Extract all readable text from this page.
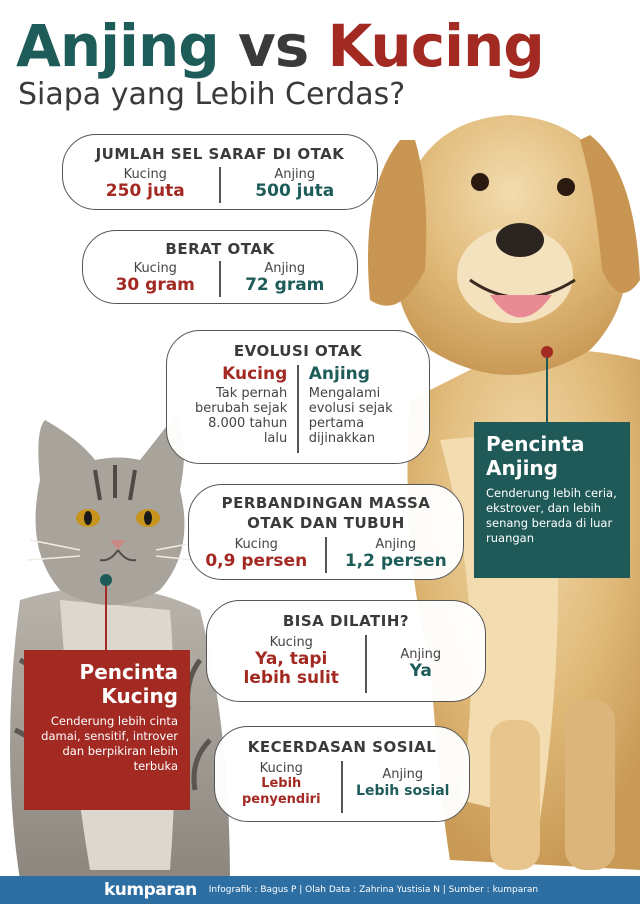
Anjing vs Kucing
Siapa yang Lebih Cerdas?
JUMLAH SEL SARAF DI OTAK
Kucing
250 juta
Anjing
500 juta
BERAT OTAK
Kucing
30 gram
Anjing
72 gram
EVOLUSI OTAK
Kucing
Tak pernah berubah sejak 8.000 tahun lalu
Anjing
Mengalami evolusi sejak pertama dijinakkan
PERBANDINGAN MASSA OTAK DAN TUBUH
Kucing
0,9 persen
Anjing
1,2 persen
BISA DILATIH?
Kucing
Ya, tapi lebih sulit
Anjing
Ya
KECERDASAN SOSIAL
Kucing
Lebih penyendiri
Anjing
Lebih sosial
Pencinta Anjing
Cenderung lebih ceria, ekstrover, dan lebih senang berada di luar ruangan
Pencinta Kucing
Cenderung lebih cinta damai, sensitif, introver dan berpikiran lebih terbuka
kumparan Infografik : Bagus P | Olah Data : Zahrina Yustisia N | Sumber : kumparan
